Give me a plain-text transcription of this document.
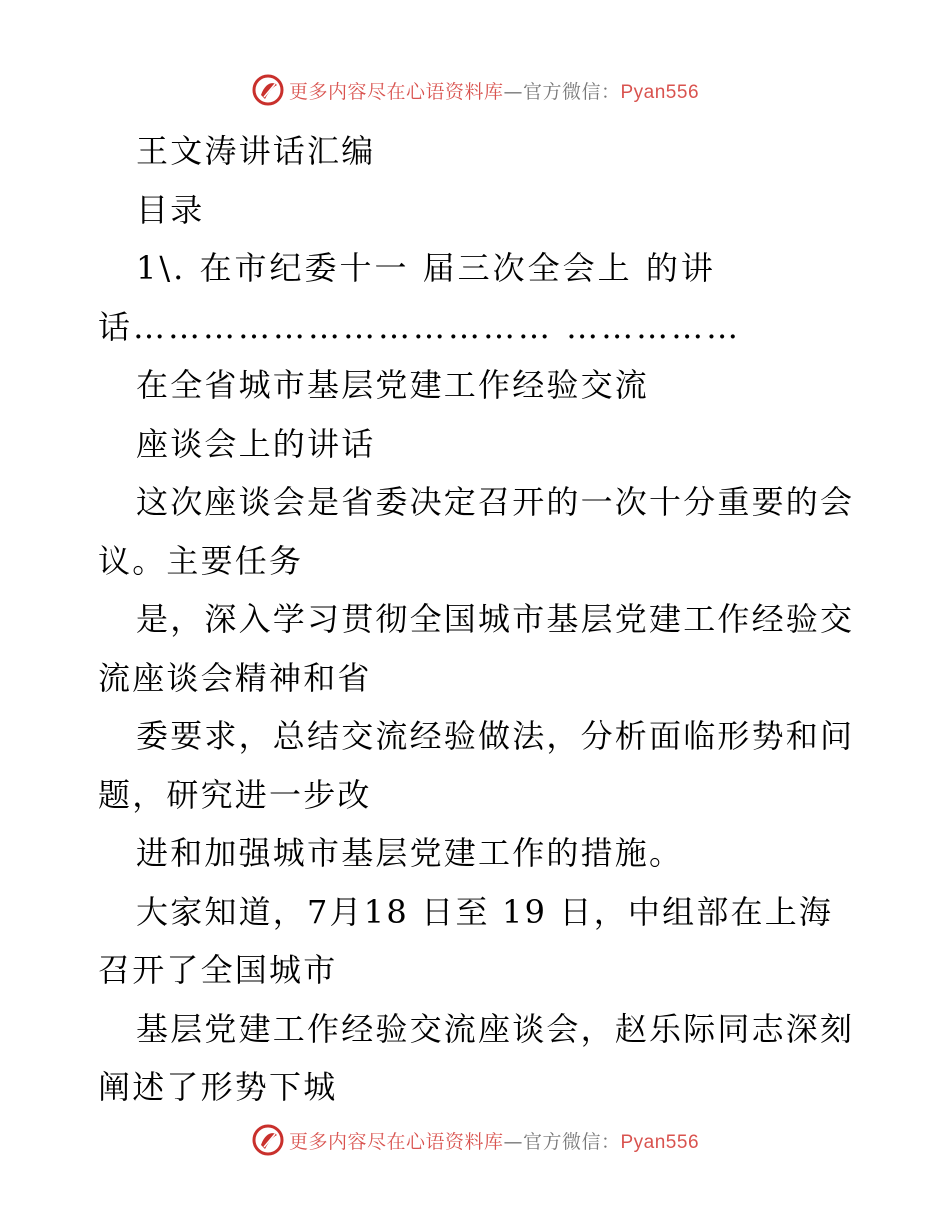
更多内容尽在心语资料库—官方微信：Pyan556

王文涛讲话汇编

目录

1\. 在市纪委十一 届三次全会上 的讲话……………………………… ……………

在全省城市基层党建工作经验交流

座谈会上的讲话

这次座谈会是省委决定召开的一次十分重要的会议。主要任务

是，深入学习贯彻全国城市基层党建工作经验交流座谈会精神和省

委要求，总结交流经验做法，分析面临形势和问题，研究进一步改

进和加强城市基层党建工作的措施。

大家知道，7月18 日至 19 日，中组部在上海召开了全国城市

基层党建工作经验交流座谈会，赵乐际同志深刻阐述了形势下城

更多内容尽在心语资料库—官方微信：Pyan556
